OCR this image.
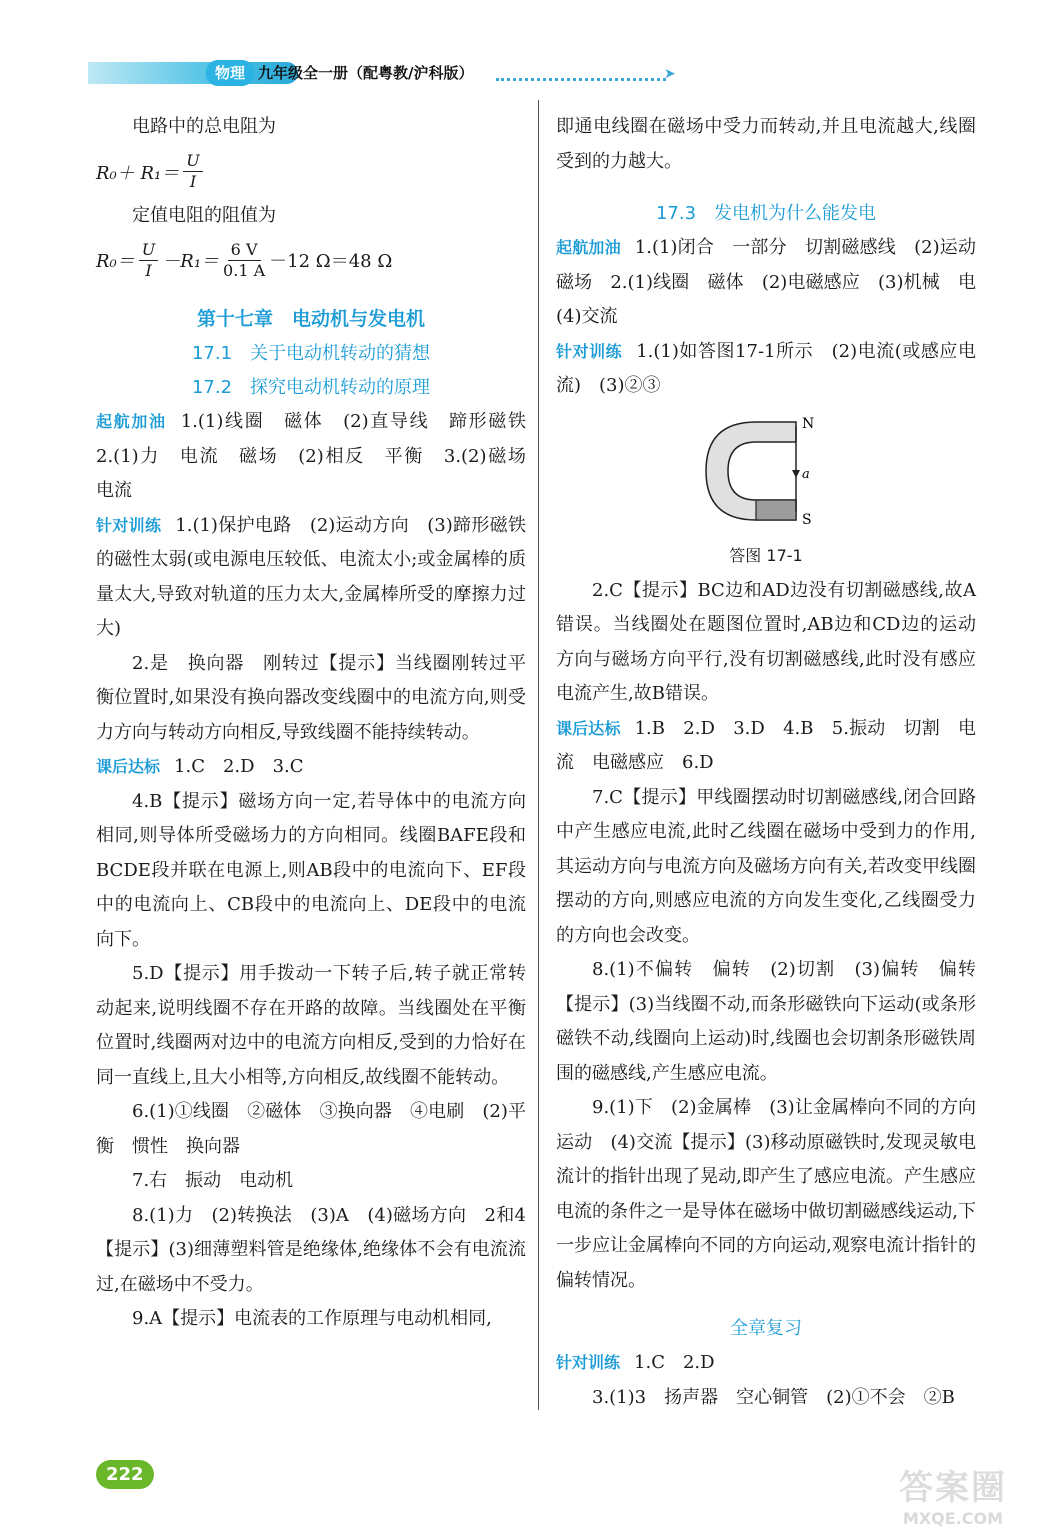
物理 九年级全一册（配粤教/沪科版）	➤

电路中的总电阻为

$R_0+ R_1= \frac{U}{I}$

定值电阻的阻值为

$R_0= \frac{U}{I} -R_1= \frac{6 V}{0.1 A} -12$ Ω＝48 Ω
第十七章　电动机与发电机

17.1　关于电动机转动的猜想

17.2　探究电动机转动的原理

起航加油 1.(1)线圈　磁体　(2)直导线　蹄形磁铁　2.(1)力　电流　磁场　(2)相反　平衡　3.(2)磁场　电流

针对训练 1.(1)保护电路　(2)运动方向　(3)蹄形磁铁的磁性太弱(或电源电压较低、电流太小;或金属棒的质量太大,导致对轨道的压力太大,金属棒所受的摩擦力过大)

2.是　换向器　刚转过【提示】当线圈刚转过平衡位置时,如果没有换向器改变线圈中的电流方向,则受力方向与转动方向相反,导致线圈不能持续转动。

课后达标 1.C　2.D　3.C

4.B【提示】磁场方向一定,若导体中的电流方向相同,则导体所受磁场力的方向相同。线圈BAFE段和BCDE段并联在电源上,则AB段中的电流向下、EF段中的电流向上、CB段中的电流向上、DE段中的电流向下。

5.D【提示】用手拨动一下转子后,转子就正常转动起来,说明线圈不存在开路的故障。当线圈处在平衡位置时,线圈两对边中的电流方向相反,受到的力恰好在同一直线上,且大小相等,方向相反,故线圈不能转动。

6.(1)①线圈　②磁体　③换向器　④电刷　(2)平衡　惯性　换向器

7.右　振动　电动机

8.(1)力　(2)转换法　(3)A　(4)磁场方向　2和4【提示】(3)细薄塑料管是绝缘体,绝缘体不会有电流流过,在磁场中不受力。

9.A【提示】电流表的工作原理与电动机相同,

即通电线圈在磁场中受力而转动,并且电流越大,线圈受到的力越大。

17.3　发电机为什么能发电

起航加油 1.(1)闭合　一部分　切割磁感线　(2)运动　磁场　2.(1)线圈　磁体　(2)电磁感应　(3)机械　电　(4)交流

针对训练 1.(1)如答图17-1所示　(2)电流(或感应电流)　(3)②③

N
S
a
答图 17-1

2.C【提示】BC边和AD边没有切割磁感线,故A错误。当线圈处在题图位置时,AB边和CD边的运动方向与磁场方向平行,没有切割磁感线,此时没有感应电流产生,故B错误。

课后达标 1.B　2.D　3.D　4.B　5.振动　切割　电流　电磁感应　6.D

7.C【提示】甲线圈摆动时切割磁感线,闭合回路中产生感应电流,此时乙线圈在磁场中受到力的作用,其运动方向与电流方向及磁场方向有关,若改变甲线圈摆动的方向,则感应电流的方向发生变化,乙线圈受力的方向也会改变。

8.(1)不偏转　偏转　(2)切割　(3)偏转　偏转【提示】(3)当线圈不动,而条形磁铁向下运动(或条形磁铁不动,线圈向上运动)时,线圈也会切割条形磁铁周围的磁感线,产生感应电流。

9.(1)下　(2)金属棒　(3)让金属棒向不同的方向运动　(4)交流【提示】(3)移动原磁铁时,发现灵敏电流计的指针出现了晃动,即产生了感应电流。产生感应电流的条件之一是导体在磁场中做切割磁感线运动,下一步应让金属棒向不同的方向运动,观察电流计指针的偏转情况。

全章复习

针对训练 1.C　2.D

3.(1)3　扬声器　空心铜管　(2)①不会　②B

222	答案圈
MXQE.COM
